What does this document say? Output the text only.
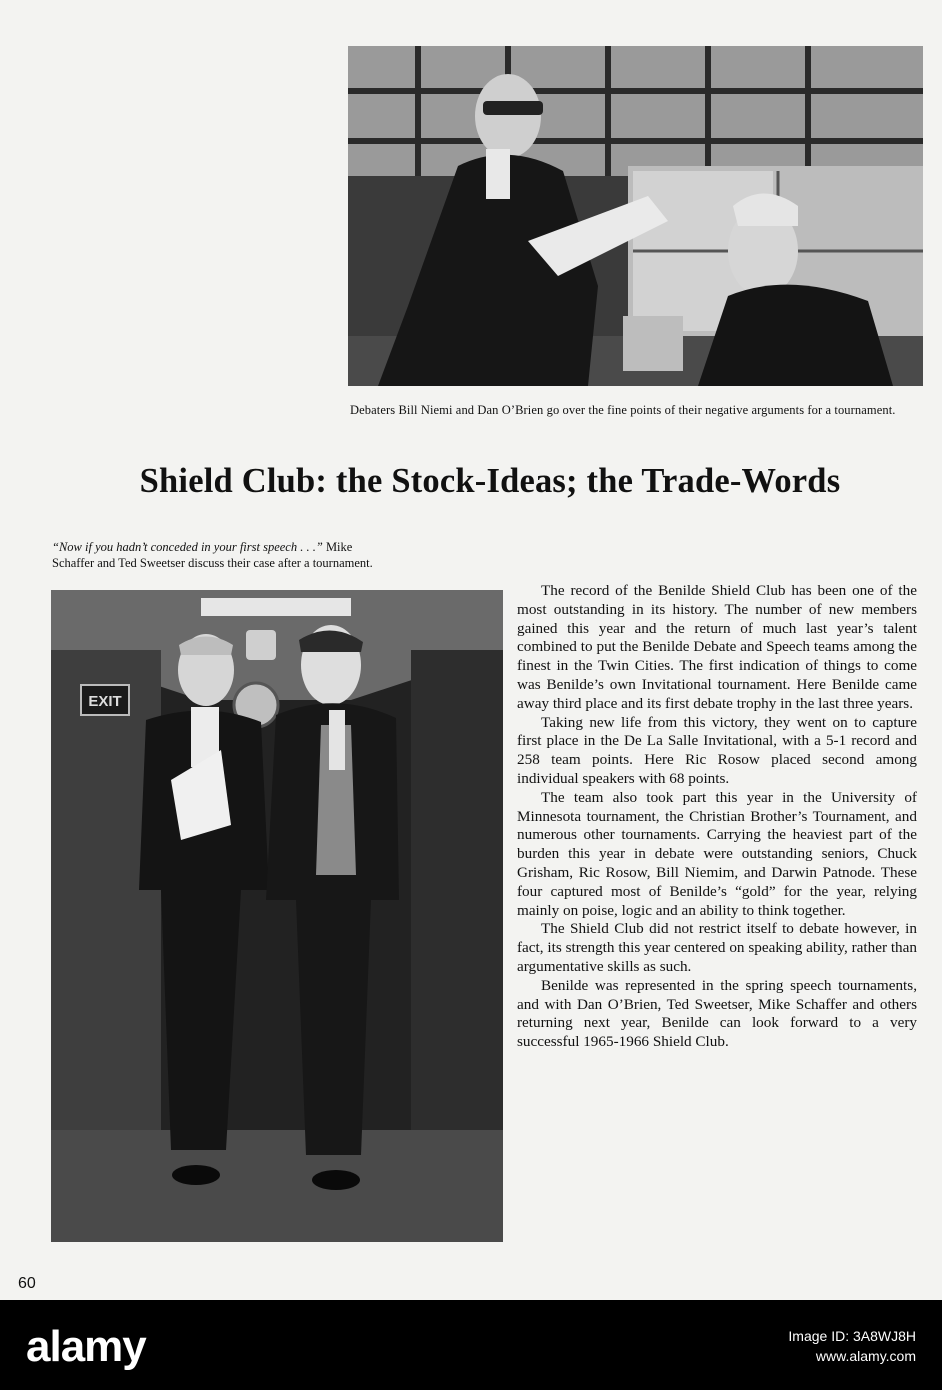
Debaters Bill Niemi and Dan O’Brien go over the fine points of their negative arguments for a tournament.
Shield Club: the Stock-Ideas; the Trade-Words
“Now if you hadn’t conceded in your first speech . . .” Mike Schaffer and Ted Sweetser discuss their case after a tournament.
EXIT

The record of the Benilde Shield Club has been one of the most outstanding in its history. The number of new members gained this year and the return of much last year’s talent combined to put the Benilde Debate and Speech teams among the finest in the Twin Cities. The first indication of things to come was Benilde’s own Invitational tournament. Here Benilde came away third place and its first debate trophy in the last three years.

Taking new life from this victory, they went on to capture first place in the De La Salle Invitational, with a 5-1 record and 258 team points. Here Ric Rosow placed second among individual speakers with 68 points.

The team also took part this year in the University of Minnesota tournament, the Christian Brother’s Tournament, and numerous other tournaments. Carrying the heaviest part of the burden this year in debate were outstanding seniors, Chuck Grisham, Ric Rosow, Bill Niemim, and Darwin Patnode. These four captured most of Benilde’s “gold” for the year, relying mainly on poise, logic and an ability to think together.

The Shield Club did not restrict itself to debate however, in fact, its strength this year centered on speaking ability, rather than argumentative skills as such.

Benilde was represented in the spring speech tournaments, and with Dan O’Brien, Ted Sweetser, Mike Schaffer and others returning next year, Benilde can look forward to a very successful 1965-1966 Shield Club.

60
alamy	Image ID: 3A8WJ8H
www.alamy.com
